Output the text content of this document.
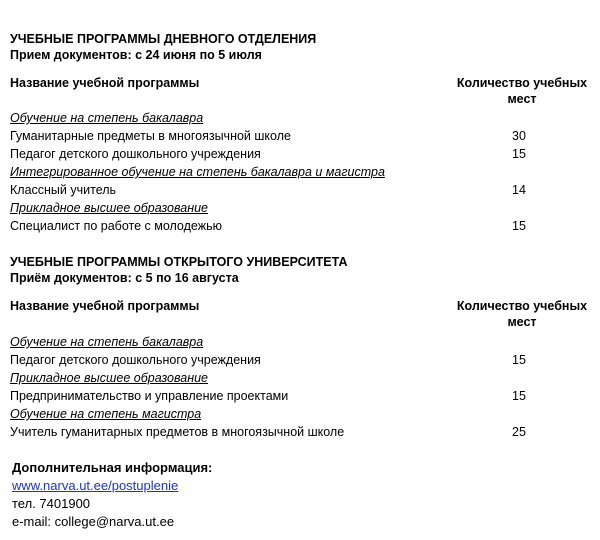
УЧЕБНЫЕ ПРОГРАММЫ ДНЕВНОГО ОТДЕЛЕНИЯ
Прием документов: с 24 июня по 5 июля
Название учебной программы	Количество учебных мест
Обучение на степень бакалавра
Гуманитарные предметы в многоязычной школе	30
Педагог детского дошкольного учреждения	15
Интегрированное обучение на степень бакалавра и магистра
Классный учитель	14
Прикладное высшее образование
Специалист по работе с молодежью	15
УЧЕБНЫЕ ПРОГРАММЫ ОТКРЫТОГО УНИВЕРСИТЕТА
Приём документов: с 5 по 16 августа
Название учебной программы	Количество учебных мест
Обучение на степень бакалавра
Педагог детского дошкольного учреждения	15
Прикладное высшее образование
Предпринимательство и управление проектами	15
Обучение на степень магистра
Учитель гуманитарных предметов в многоязычной школе	25
Дополнительная информация:
www.narva.ut.ee/postuplenie
тел. 7401900
e-mail: college@narva.ut.ee
